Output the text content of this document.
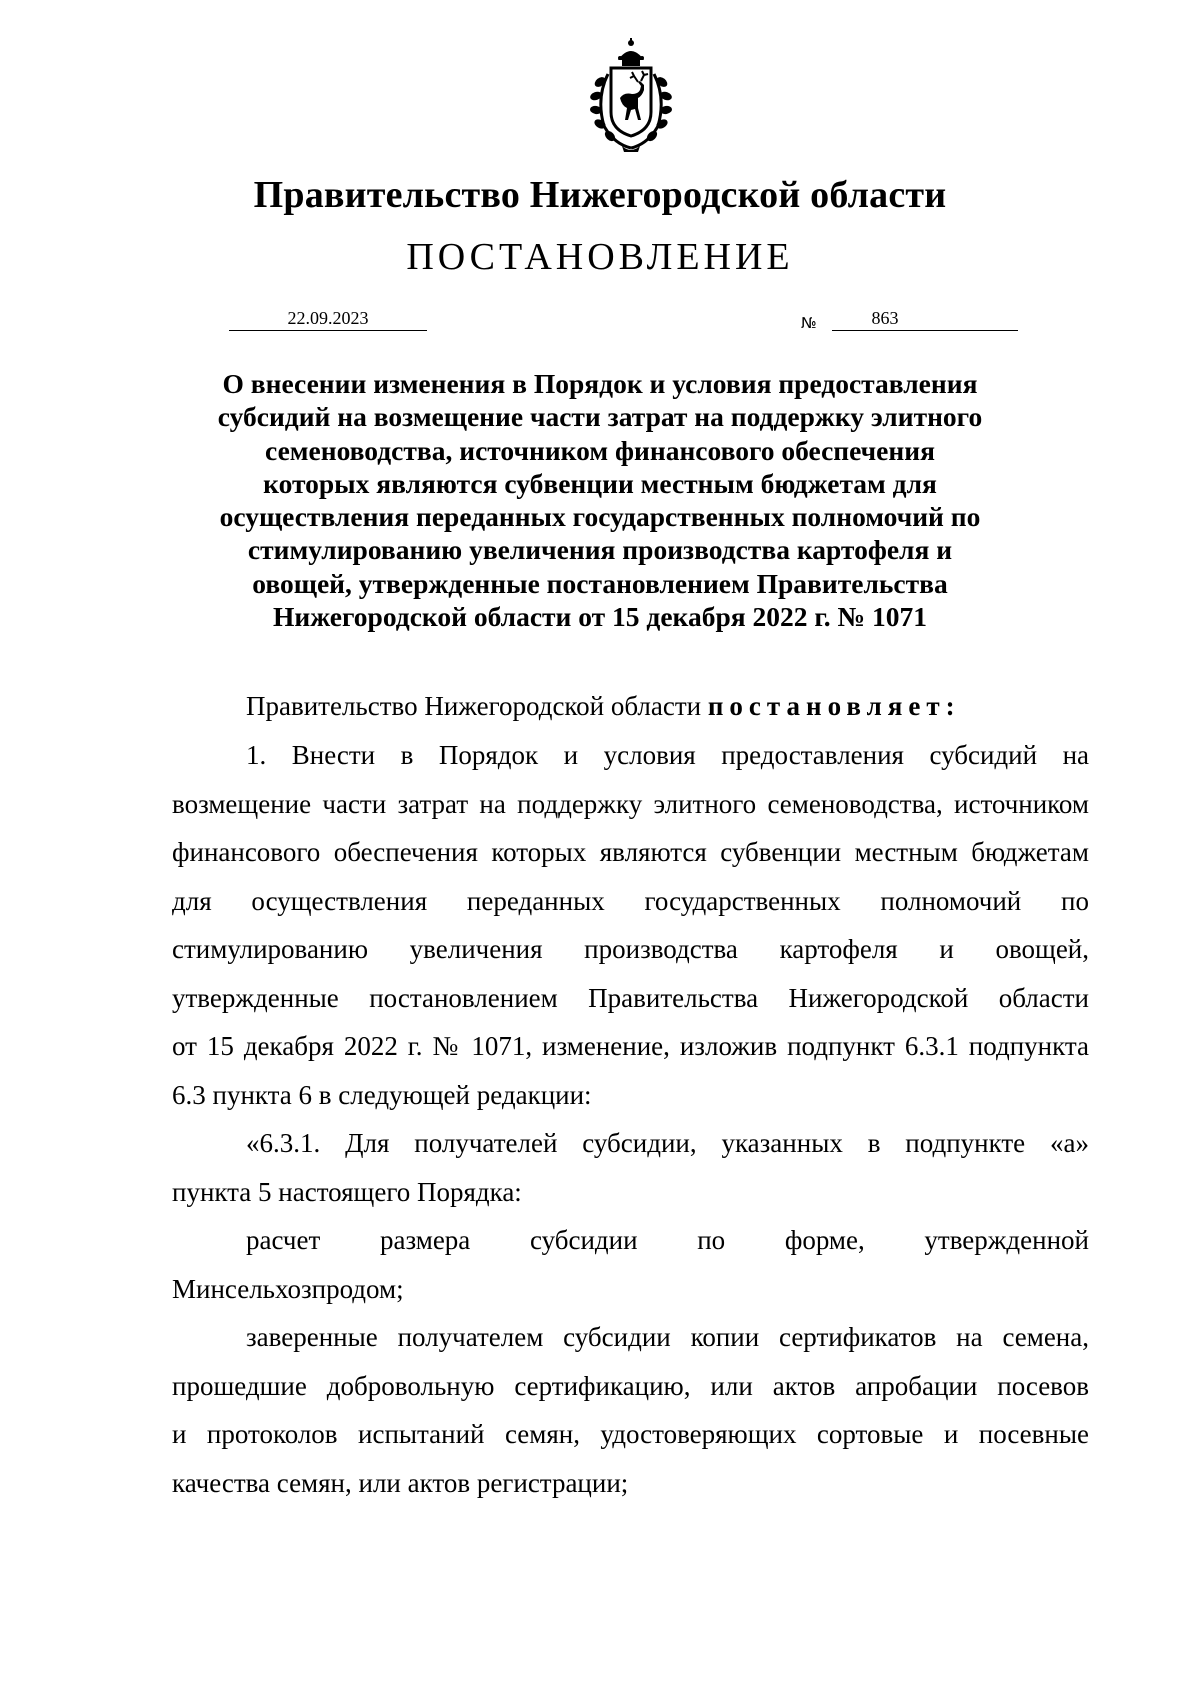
Правительство Нижегородской области
ПОСТАНОВЛЕНИЕ
22.09.2023	№	863
О внесении изменения в Порядок и условия предоставления
субсидий на возмещение части затрат на поддержку элитного
семеноводства, источником финансового обеспечения
которых являются субвенции местным бюджетам для
осуществления переданных государственных полномочий по
стимулированию увеличения производства картофеля и
овощей, утвержденные постановлением Правительства
Нижегородской области от 15 декабря 2022 г. № 1071
Правительство Нижегородской области постановляет:
1. Внести в Порядок и условия предоставления субсидий на
возмещение части затрат на поддержку элитного семеноводства, источником
финансового обеспечения которых являются субвенции местным бюджетам
для осуществления переданных государственных полномочий по
стимулированию увеличения производства картофеля и овощей,
утвержденные постановлением Правительства Нижегородской области
от 15 декабря 2022 г. № 1071, изменение, изложив подпункт 6.3.1 подпункта
6.3 пункта 6 в следующей редакции:
«6.3.1. Для получателей субсидии, указанных в подпункте «а»
пункта 5 настоящего Порядка:
расчет размера субсидии по форме, утвержденной
Минсельхозпродом;
заверенные получателем субсидии копии сертификатов на семена,
прошедшие добровольную сертификацию, или актов апробации посевов
и протоколов испытаний семян, удостоверяющих сортовые и посевные
качества семян, или актов регистрации;
